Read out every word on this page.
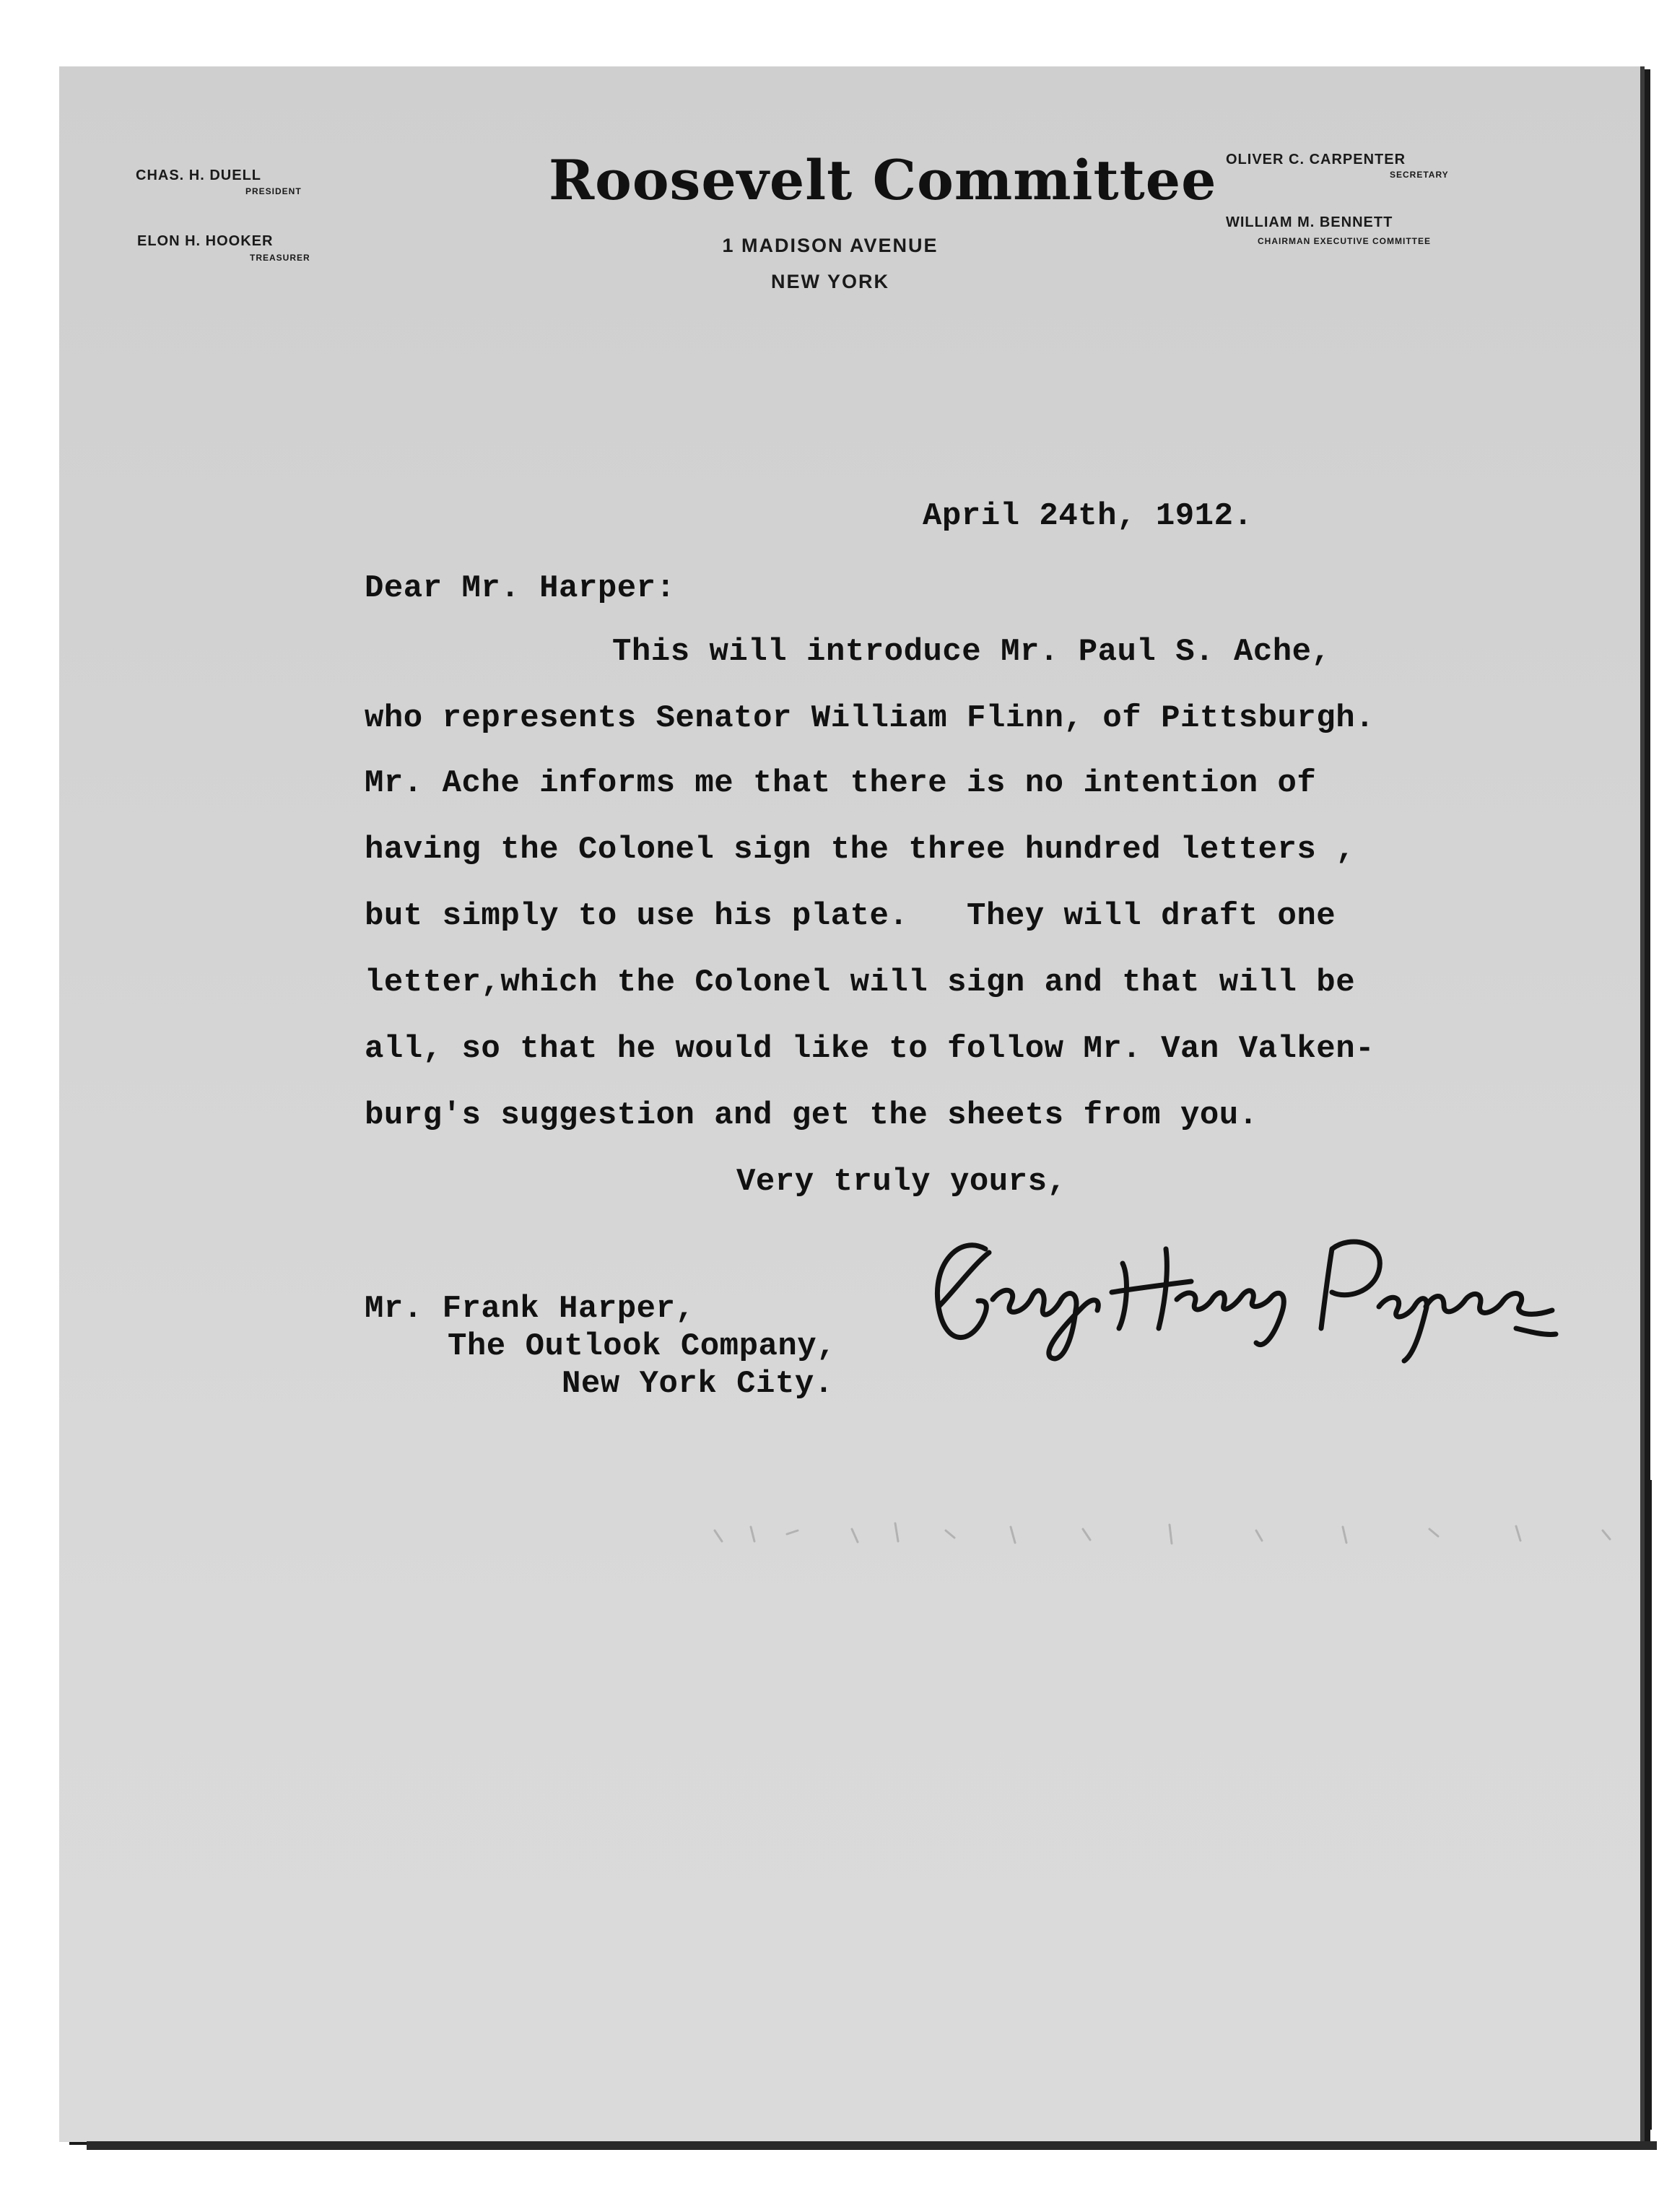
CHAS. H. DUELL
PRESIDENT
ELON H. HOOKER
TREASURER
OLIVER C. CARPENTER
SECRETARY
WILLIAM M. BENNETT
CHAIRMAN EXECUTIVE COMMITTEE
Roosevelt Committee
1 MADISON AVENUE
NEW YORK
April 24th, 1912.
Dear Mr. Harper:
This will introduce Mr. Paul S. Ache,
who represents Senator William Flinn, of Pittsburgh.
Mr. Ache informs me that there is no intention of
having the Colonel sign the three hundred letters ,
but simply to use his plate.   They will draft one
letter,which the Colonel will sign and that will be
all, so that he would like to follow Mr. Van Valken-
burg's suggestion and get the sheets from you.
Very truly yours,
Mr. Frank Harper,
The Outlook Company,
New York City.
